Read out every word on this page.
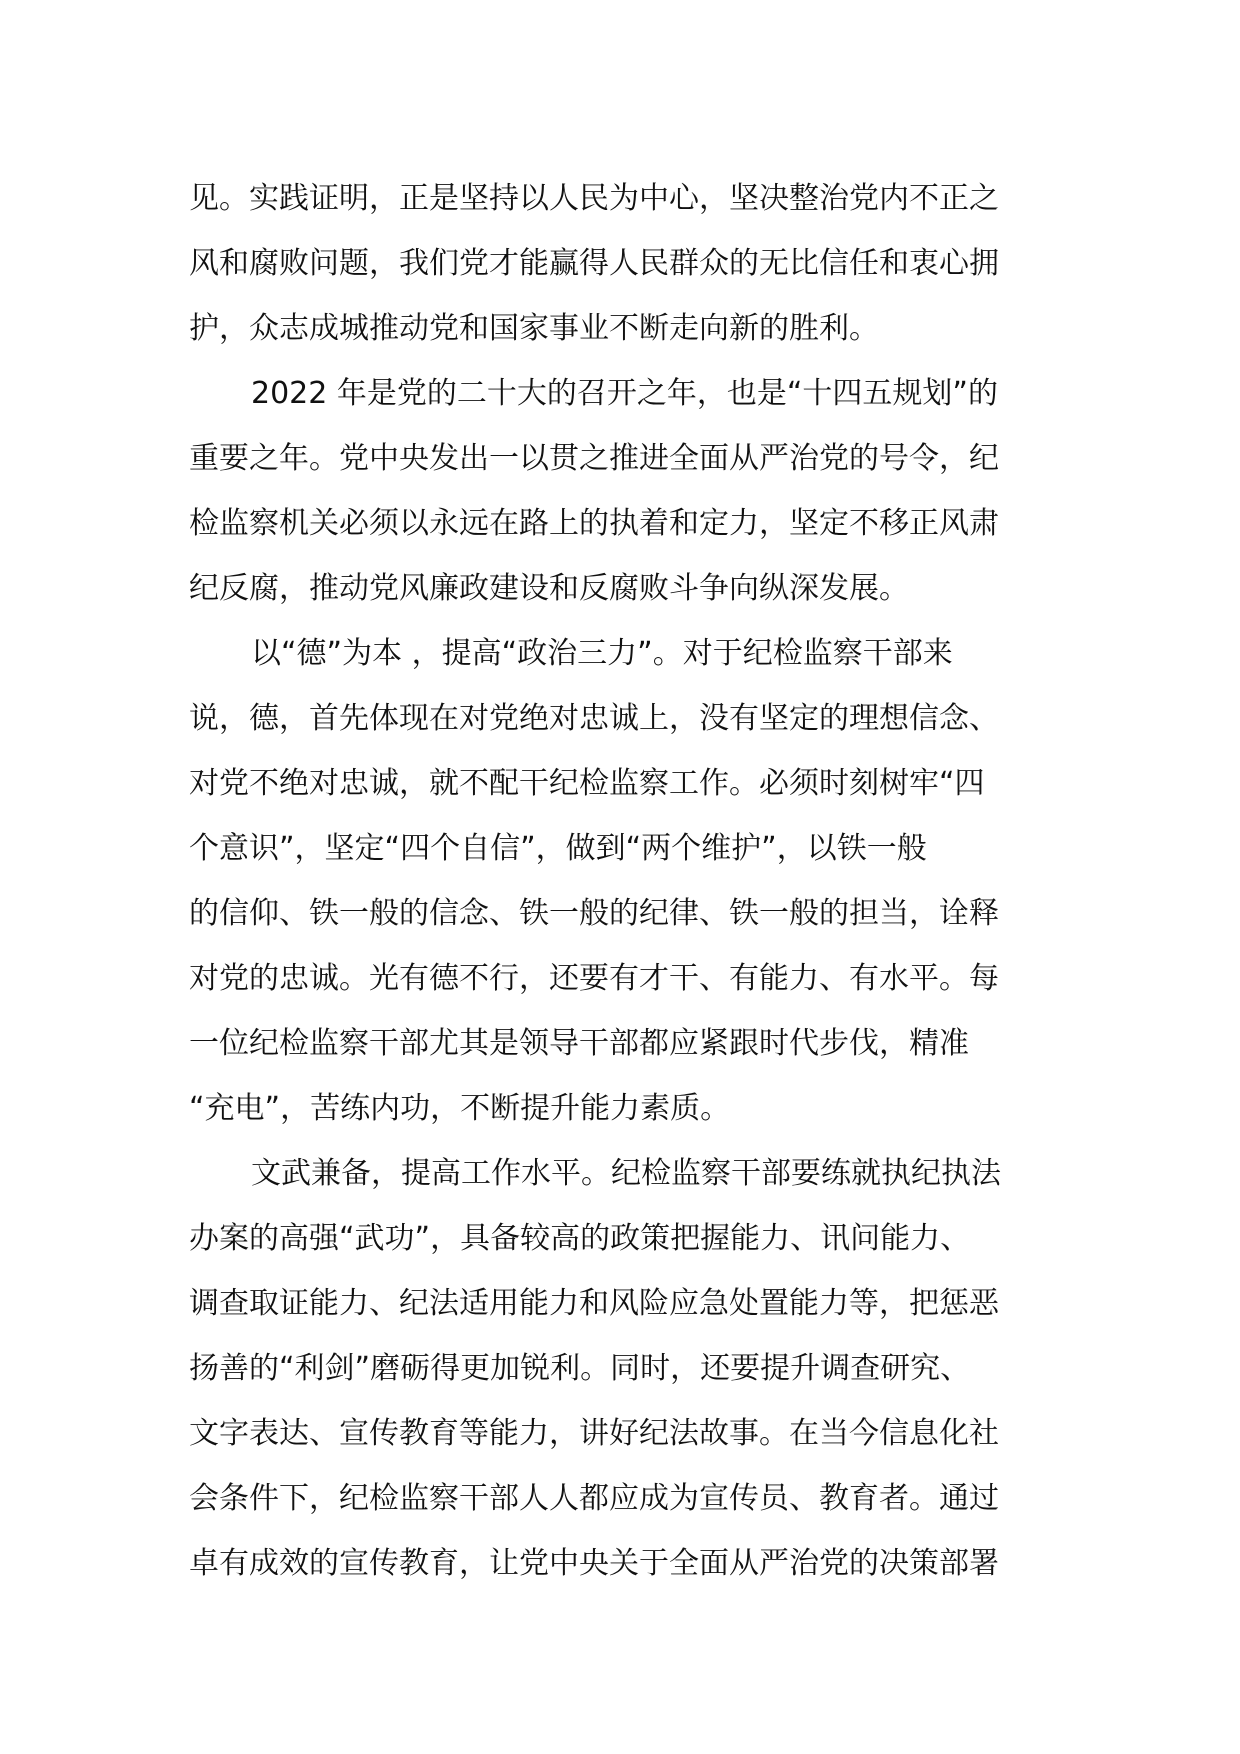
见。实践证明，正是坚持以人民为中心，坚决整治党内不正之
风和腐败问题，我们党才能赢得人民群众的无比信任和衷心拥
护，众志成城推动党和国家事业不断走向新的胜利。
2022 年是党的二十大的召开之年，也是“十四五规划”的
重要之年。党中央发出一以贯之推进全面从严治党的号令，纪
检监察机关必须以永远在路上的执着和定力，坚定不移正风肃
纪反腐，推动党风廉政建设和反腐败斗争向纵深发展。
以“德”为本 ，提高“政治三力”。对于纪检监察干部来
说，德，首先体现在对党绝对忠诚上，没有坚定的理想信念、
对党不绝对忠诚，就不配干纪检监察工作。必须时刻树牢“四
个意识”，坚定“四个自信”，做到“两个维护”，以铁一般
的信仰、铁一般的信念、铁一般的纪律、铁一般的担当，诠释
对党的忠诚。光有德不行，还要有才干、有能力、有水平。每
一位纪检监察干部尤其是领导干部都应紧跟时代步伐，精准
“充电”，苦练内功，不断提升能力素质。
文武兼备，提高工作水平。纪检监察干部要练就执纪执法
办案的高强“武功”，具备较高的政策把握能力、讯问能力、
调查取证能力、纪法适用能力和风险应急处置能力等，把惩恶
扬善的“利剑”磨砺得更加锐利。同时，还要提升调查研究、
文字表达、宣传教育等能力，讲好纪法故事。在当今信息化社
会条件下，纪检监察干部人人都应成为宣传员、教育者。通过
卓有成效的宣传教育，让党中央关于全面从严治党的决策部署
